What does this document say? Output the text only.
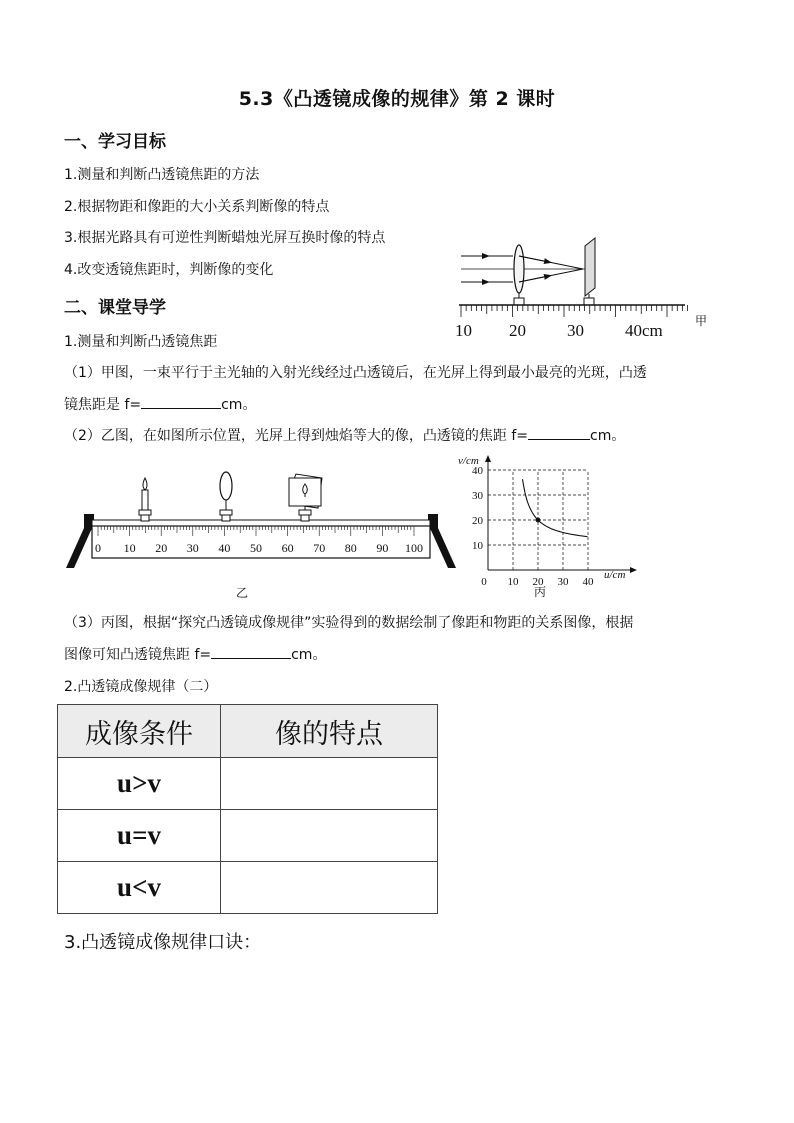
5.3《凸透镜成像的规律》第 2 课时
一、学习目标
1.测量和判断凸透镜焦距的方法
2.根据物距和像距的大小关系判断像的特点
3.根据光路具有可逆性判断蜡烛光屏互换时像的特点
4.改变透镜焦距时，判断像的变化
二、课堂导学
1.测量和判断凸透镜焦距
（1）甲图，一束平行于主光轴的入射光线经过凸透镜后，在光屏上得到最小最亮的光斑，凸透
镜焦距是 f=	cm。
（2）乙图，在如图所示位置，光屏上得到烛焰等大的像，凸透镜的焦距 f=	cm。
10 20 30 40cm	甲
0 10 20 30 40 50 60 70 80 90 100
乙
40
30
20
10
0 10 20 30 40
v/cm
u/cm
丙
（3）丙图，根据“探究凸透镜成像规律”实验得到的数据绘制了像距和物距的关系图像，根据
图像可知凸透镜焦距 f=	cm。
2.凸透镜成像规律（二）
成像条件	像的特点
u>v	
u=v	
u<v	
3.凸透镜成像规律口诀：
